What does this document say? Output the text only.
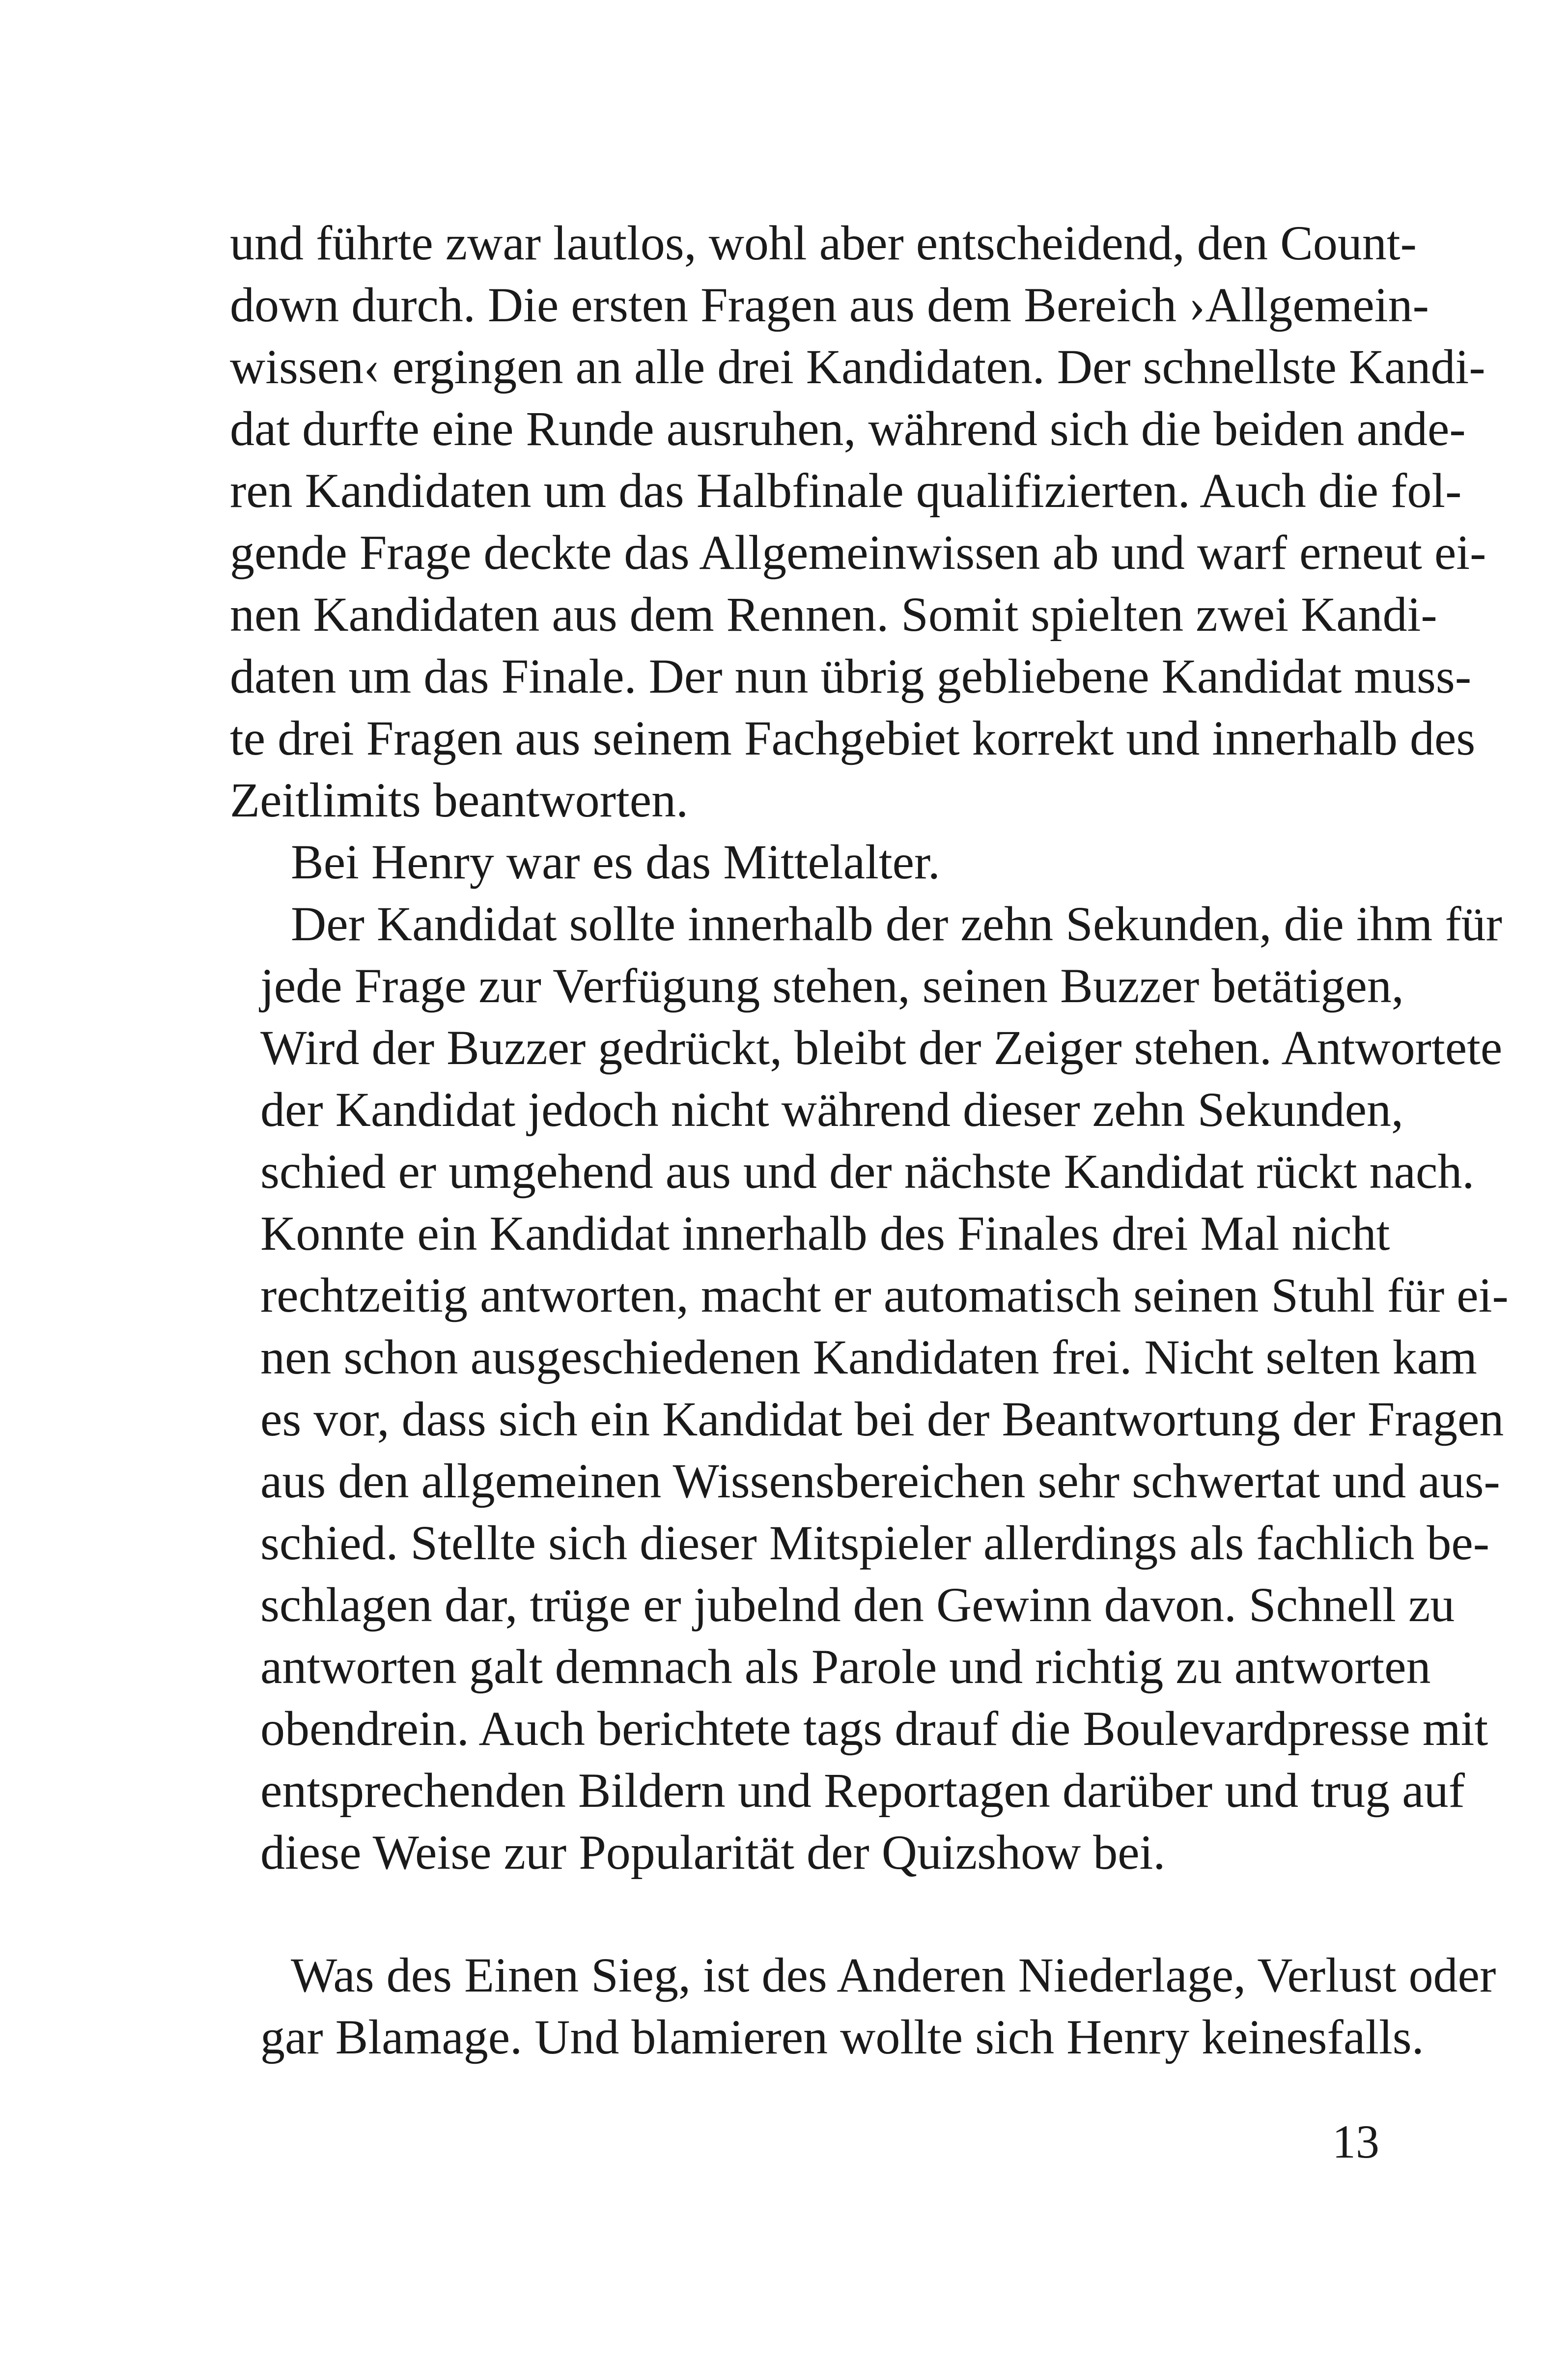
und führte zwar lautlos, wohl aber entscheidend, den Count-
down durch. Die ersten Fragen aus dem Bereich ›Allgemein-
wissen‹ ergingen an alle drei Kandidaten. Der schnellste Kandi-
dat durfte eine Runde ausruhen, während sich die beiden ande-
ren Kandidaten um das Halbfinale qualifizierten. Auch die fol-
gende Frage deckte das Allgemeinwissen ab und warf erneut ei-
nen Kandidaten aus dem Rennen. Somit spielten zwei Kandi-
daten um das Finale. Der nun übrig gebliebene Kandidat muss-
te drei Fragen aus seinem Fachgebiet korrekt und innerhalb des
Zeitlimits beantworten.

Bei Henry war es das Mittelalter.

Der Kandidat sollte innerhalb der zehn Sekunden, die ihm für
jede Frage zur Verfügung stehen, seinen Buzzer betätigen,
Wird der Buzzer gedrückt, bleibt der Zeiger stehen. Antwortete
der Kandidat jedoch nicht während dieser zehn Sekunden,
schied er umgehend aus und der nächste Kandidat rückt nach.
Konnte ein Kandidat innerhalb des Finales drei Mal nicht
rechtzeitig antworten, macht er automatisch seinen Stuhl für ei-
nen schon ausgeschiedenen Kandidaten frei. Nicht selten kam
es vor, dass sich ein Kandidat bei der Beantwortung der Fragen
aus den allgemeinen Wissensbereichen sehr schwertat und aus-
schied. Stellte sich dieser Mitspieler allerdings als fachlich be-
schlagen dar, trüge er jubelnd den Gewinn davon. Schnell zu
antworten galt demnach als Parole und richtig zu antworten
obendrein. Auch berichtete tags drauf die Boulevardpresse mit
entsprechenden Bildern und Reportagen darüber und trug auf
diese Weise zur Popularität der Quizshow bei.

Was des Einen Sieg, ist des Anderen Niederlage, Verlust oder
gar Blamage. Und blamieren wollte sich Henry keinesfalls.

13
